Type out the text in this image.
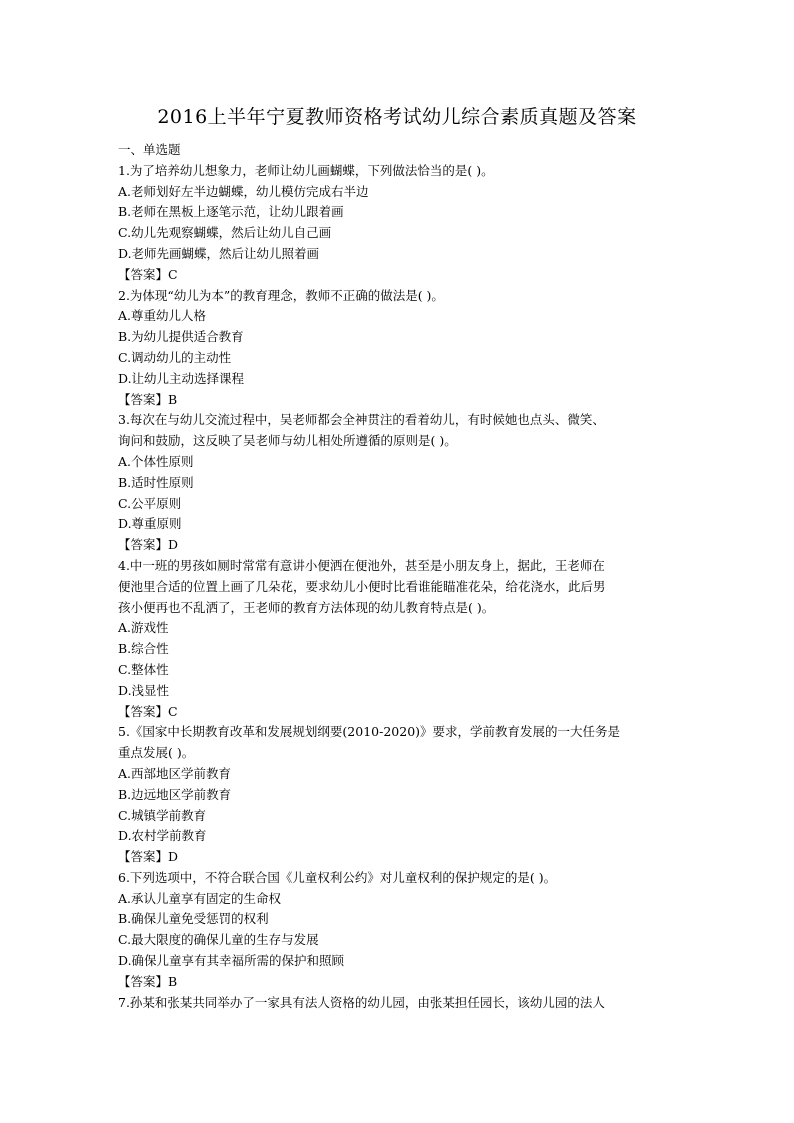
2016上半年宁夏教师资格考试幼儿综合素质真题及答案
一、单选题
1.为了培养幼儿想象力，老师让幼儿画蝴蝶，下列做法恰当的是( )。
A.老师划好左半边蝴蝶，幼儿模仿完成右半边
B.老师在黑板上逐笔示范，让幼儿跟着画
C.幼儿先观察蝴蝶，然后让幼儿自己画
D.老师先画蝴蝶，然后让幼儿照着画
【答案】C
2.为体现“幼儿为本”的教育理念，教师不正确的做法是( )。
A.尊重幼儿人格
B.为幼儿提供适合教育
C.调动幼儿的主动性
D.让幼儿主动选择课程
【答案】B
3.每次在与幼儿交流过程中，吴老师都会全神贯注的看着幼儿，有时候她也点头、微笑、
询问和鼓励，这反映了吴老师与幼儿相处所遵循的原则是( )。
A.个体性原则
B.适时性原则
C.公平原则
D.尊重原则
【答案】D
4.中一班的男孩如厕时常常有意讲小便洒在便池外，甚至是小朋友身上，据此，王老师在
便池里合适的位置上画了几朵花，要求幼儿小便时比看谁能瞄准花朵，给花浇水，此后男
孩小便再也不乱洒了，王老师的教育方法体现的幼儿教育特点是( )。
A.游戏性
B.综合性
C.整体性
D.浅显性
【答案】C
5.《国家中长期教育改革和发展规划纲要(2010-2020)》要求，学前教育发展的一大任务是
重点发展( )。
A.西部地区学前教育
B.边远地区学前教育
C.城镇学前教育
D.农村学前教育
【答案】D
6.下列选项中，不符合联合国《儿童权利公约》对儿童权利的保护规定的是( )。
A.承认儿童享有固定的生命权
B.确保儿童免受惩罚的权利
C.最大限度的确保儿童的生存与发展
D.确保儿童享有其幸福所需的保护和照顾
【答案】B
7.孙某和张某共同举办了一家具有法人资格的幼儿园，由张某担任园长，该幼儿园的法人
